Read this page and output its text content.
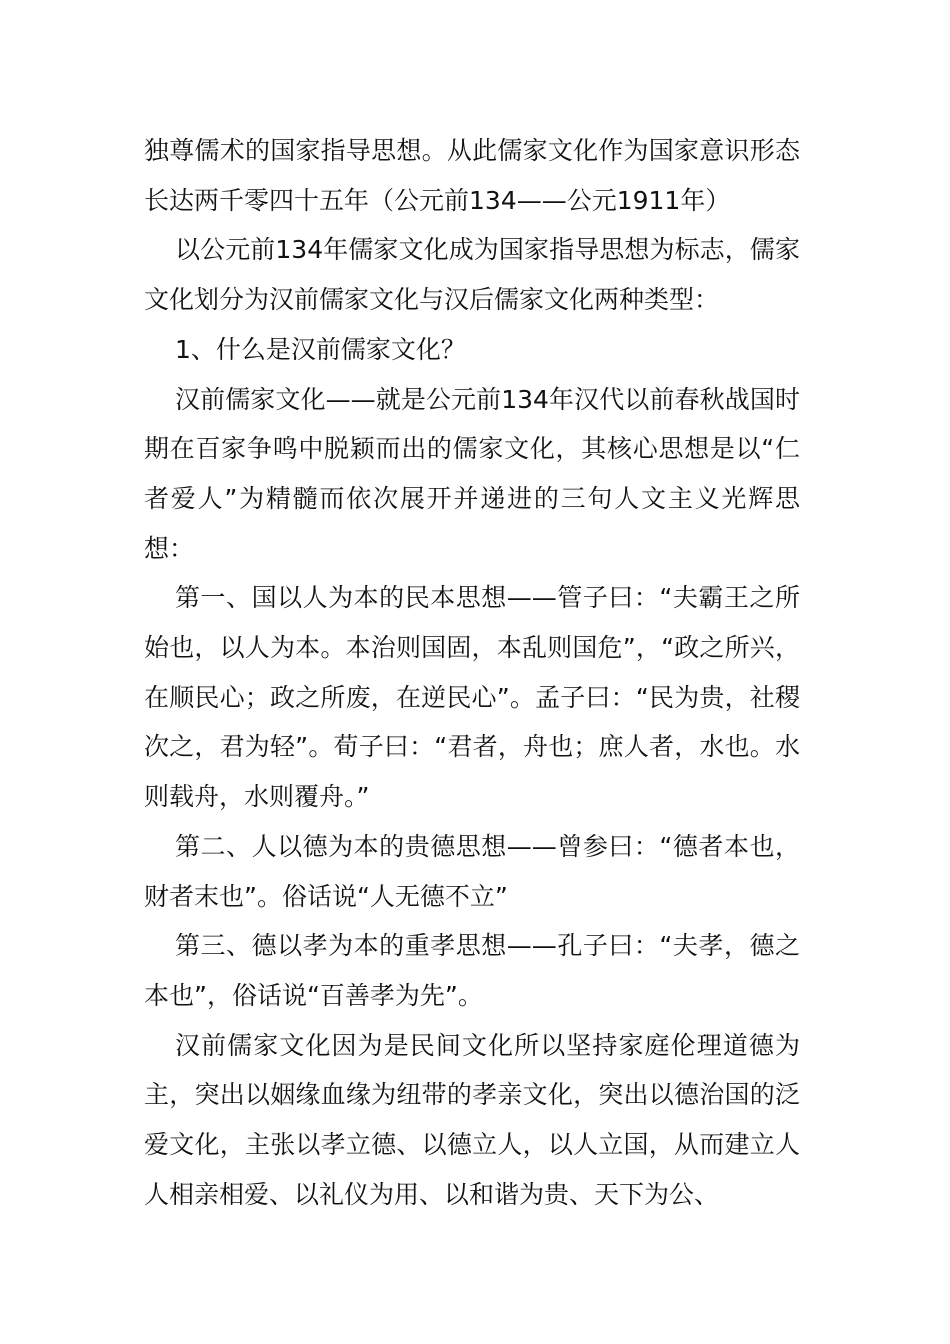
独尊儒术的国家指导思想。从此儒家文化作为国家意识形态长达两千零四十五年（公元前134——公元1911年）

以公元前134年儒家文化成为国家指导思想为标志，儒家文化划分为汉前儒家文化与汉后儒家文化两种类型：

1、什么是汉前儒家文化？

汉前儒家文化——就是公元前134年汉代以前春秋战国时期在百家争鸣中脱颖而出的儒家文化，其核心思想是以“仁者爱人”为精髓而依次展开并递进的三句人文主义光辉思想：

第一、国以人为本的民本思想——管子曰：“夫霸王之所始也，以人为本。本治则国固，本乱则国危”，“政之所兴，在顺民心；政之所废，在逆民心”。孟子曰：“民为贵，社稷次之，君为轻”。荀子曰：“君者，舟也；庶人者，水也。水则载舟，水则覆舟。”

第二、人以德为本的贵德思想——曾参曰：“德者本也，财者末也”。俗话说“人无德不立”

第三、德以孝为本的重孝思想——孔子曰：“夫孝，德之本也”，俗话说“百善孝为先”。

汉前儒家文化因为是民间文化所以坚持家庭伦理道德为主，突出以姻缘血缘为纽带的孝亲文化，突出以德治国的泛爱文化，主张以孝立德、以德立人，以人立国，从而建立人人相亲相爱、以礼仪为用、以和谐为贵、天下为公、
